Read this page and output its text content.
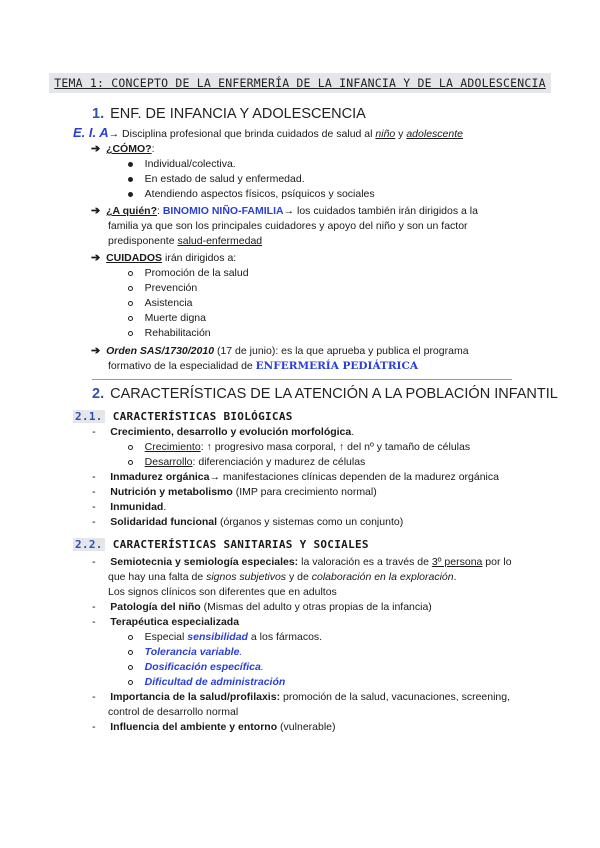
TEMA 1: CONCEPTO DE LA ENFERMERÍA DE LA INFANCIA Y DE LA ADOLESCENCIA
1. ENF. DE INFANCIA Y ADOLESCENCIA
E. I. A→ Disciplina profesional que brinda cuidados de salud al niño y adolescente
➔ ¿CÓMO?:
Individual/colectiva.
En estado de salud y enfermedad.
Atendiendo aspectos físicos, psíquicos y sociales
➔ ¿A quién?: BINOMIO NIÑO-FAMILIA→ los cuidados también irán dirigidos a la
familia ya que son los principales cuidadores y apoyo del niño y son un factor
predisponente salud-enfermedad
➔ CUIDADOS irán dirigidos a:
Promoción de la salud
Prevención
Asistencia
Muerte digna
Rehabilitación
➔ Orden SAS/1730/2010 (17 de junio): es la que aprueba y publica el programa
formativo de la especialidad de ENFERMERÍA PEDIÁTRICA
2. CARACTERÍSTICAS DE LA ATENCIÓN A LA POBLACIÓN INFANTIL
2.1. CARACTERÍSTICAS BIOLÓGICAS
- Crecimiento, desarrollo y evolución morfológica.
Crecimiento: ↑ progresivo masa corporal, ↑ del nº y tamaño de células
Desarrollo: diferenciación y madurez de células
- Inmadurez orgánica→ manifestaciones clínicas dependen de la madurez orgánica
- Nutrición y metabolismo (IMP para crecimiento normal)
- Inmunidad.
- Solidaridad funcional (órganos y sistemas como un conjunto)
2.2. CARACTERÍSTICAS SANITARIAS Y SOCIALES
- Semiotecnia y semiología especiales: la valoración es a través de 3º persona por lo
que hay una falta de signos subjetivos y de colaboración en la exploración.
Los signos clínicos son diferentes que en adultos
- Patología del niño (Mismas del adulto y otras propias de la infancia)
- Terapéutica especializada
Especial sensibilidad a los fármacos.
Tolerancia variable.
Dosificación específica.
Dificultad de administración
- Importancia de la salud/profilaxis: promoción de la salud, vacunaciones, screening,
control de desarrollo normal
- Influencia del ambiente y entorno (vulnerable)
